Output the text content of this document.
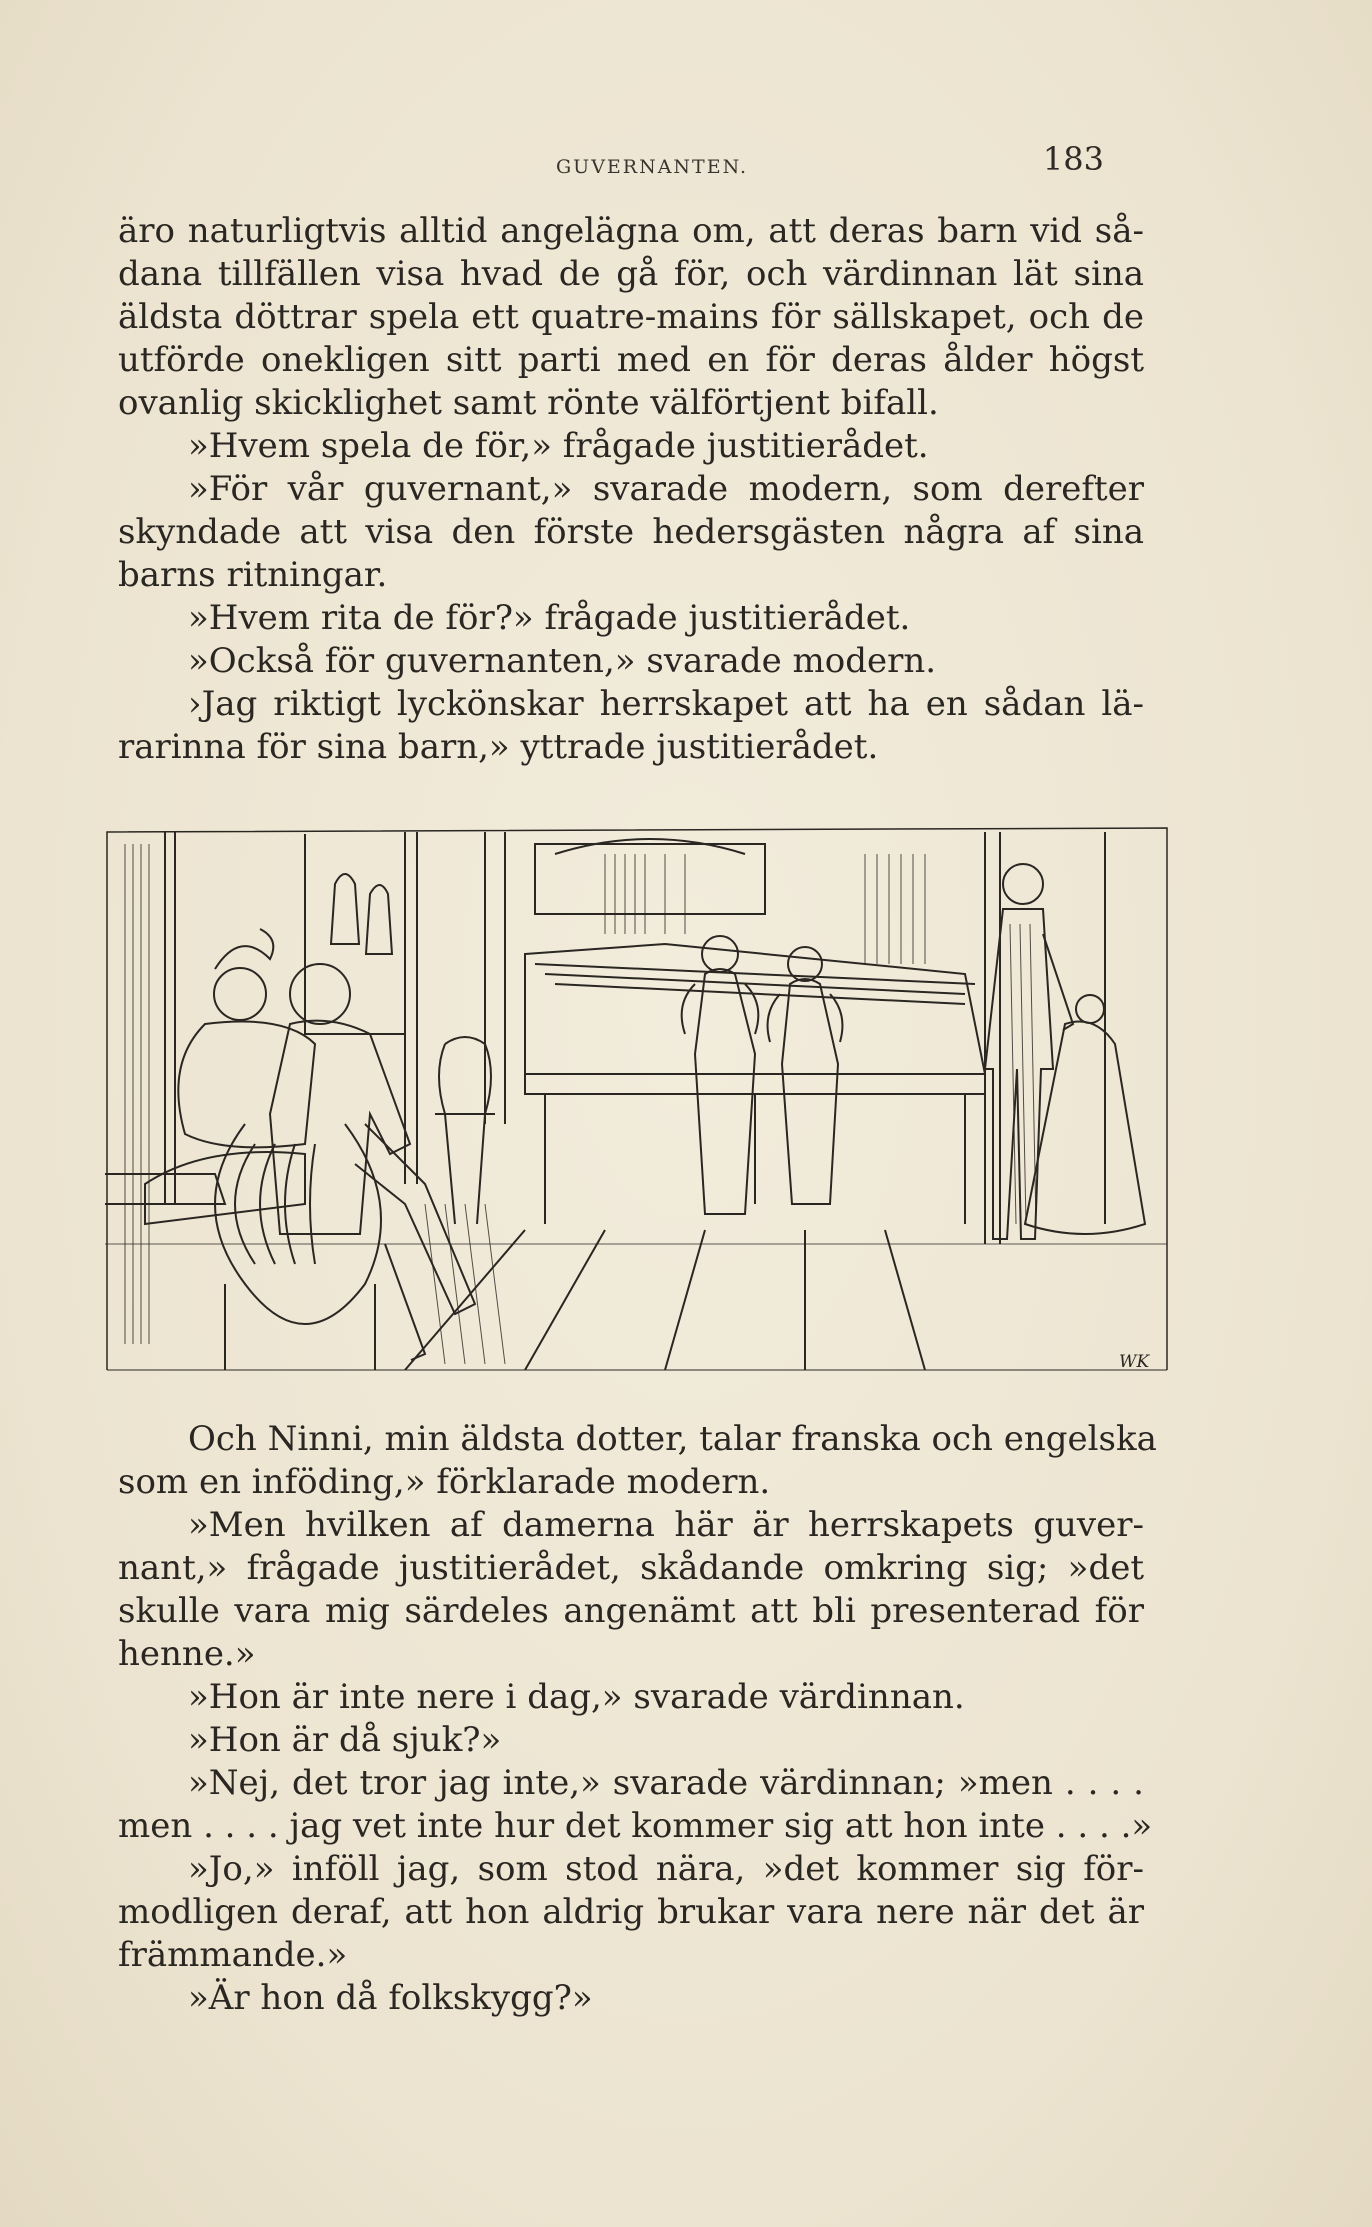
GUVERNANTEN.	183
äro naturligtvis alltid angelägna om, att deras barn vid så-
dana tillfällen visa hvad de gå för, och värdinnan lät sina
äldsta döttrar spela ett quatre-mains för sällskapet, och de
utförde onekligen sitt parti med en för deras ålder högst
ovanlig skicklighet samt rönte välförtjent bifall.
»Hvem spela de för,» frågade justitierådet.
»För vår guvernant,» svarade modern, som derefter
skyndade att visa den förste hedersgästen några af sina
barns ritningar.
»Hvem rita de för?» frågade justitierådet.
»Också för guvernanten,» svarade modern.
›Jag riktigt lyckönskar herrskapet att ha en sådan lä-
rarinna för sina barn,» yttrade justitierådet.
WK
Och Ninni, min äldsta dotter, talar franska och engelska
som en inföding,» förklarade modern.
»Men hvilken af damerna här är herrskapets guver-
nant,» frågade justitierådet, skådande omkring sig; »det
skulle vara mig särdeles angenämt att bli presenterad för
henne.»
»Hon är inte nere i dag,» svarade värdinnan.
»Hon är då sjuk?»
»Nej, det tror jag inte,» svarade värdinnan; »men . . . .
men . . . . jag vet inte hur det kommer sig att hon inte . . . .»
»Jo,» inföll jag, som stod nära, »det kommer sig för-
modligen deraf, att hon aldrig brukar vara nere när det är
främmande.»
»Är hon då folkskygg?»
